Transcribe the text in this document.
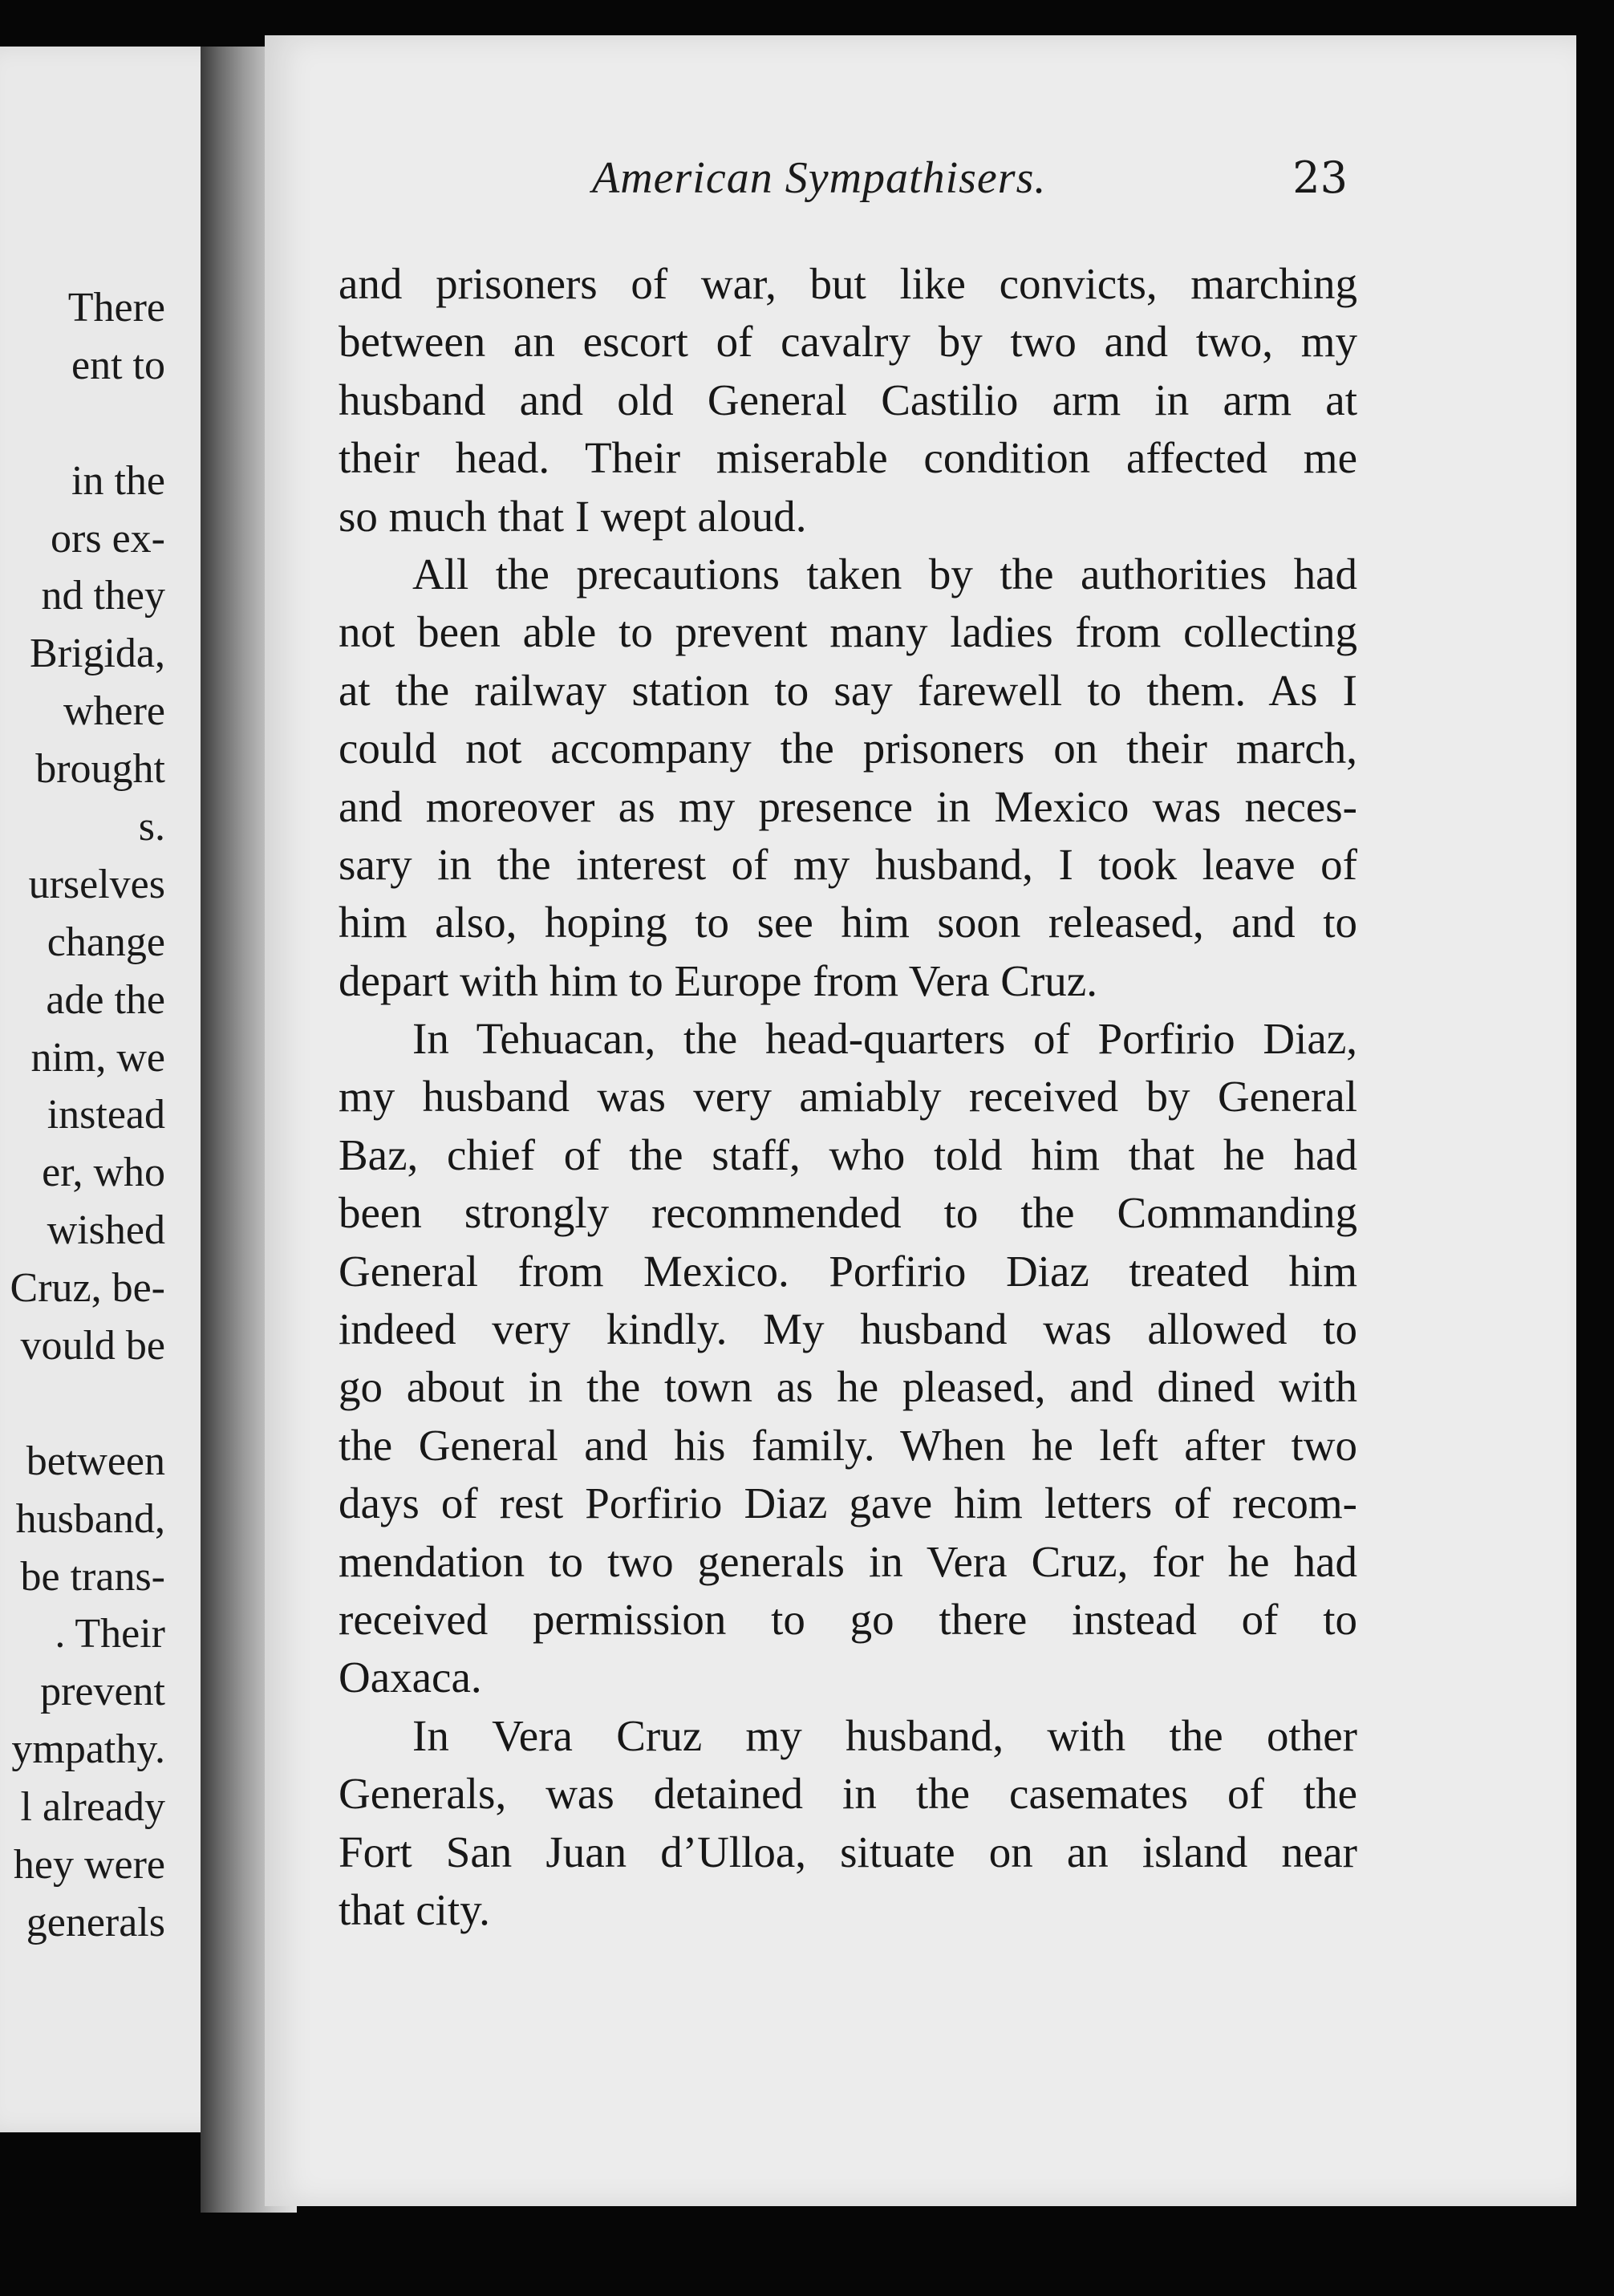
There
ent to
in the
ors ex-
nd they
Brigida,
where
brought
s.
urselves
change
ade the
nim, we
instead
er, who
wished
Cruz, be-
vould be
between
husband,
be trans-
. Their
prevent
ympathy.
l already
hey were
generals
American Sympathisers.	23
and prisoners of war, but like convicts, marching
between an escort of cavalry by two and two, my
husband and old General Castilio arm in arm at
their head. Their miserable condition affected me
so much that I wept aloud.
All the precautions taken by the authorities had
not been able to prevent many ladies from collecting
at the railway station to say farewell to them. As I
could not accompany the prisoners on their march,
and moreover as my presence in Mexico was neces-
sary in the interest of my husband, I took leave of
him also, hoping to see him soon released, and to
depart with him to Europe from Vera Cruz.
In Tehuacan, the head-quarters of Porfirio Diaz,
my husband was very amiably received by General
Baz, chief of the staff, who told him that he had
been strongly recommended to the Commanding
General from Mexico. Porfirio Diaz treated him
indeed very kindly. My husband was allowed to
go about in the town as he pleased, and dined with
the General and his family. When he left after two
days of rest Porfirio Diaz gave him letters of recom-
mendation to two generals in Vera Cruz, for he had
received permission to go there instead of to
Oaxaca.
In Vera Cruz my husband, with the other
Generals, was detained in the casemates of the
Fort San Juan d’Ulloa, situate on an island near
that city.
